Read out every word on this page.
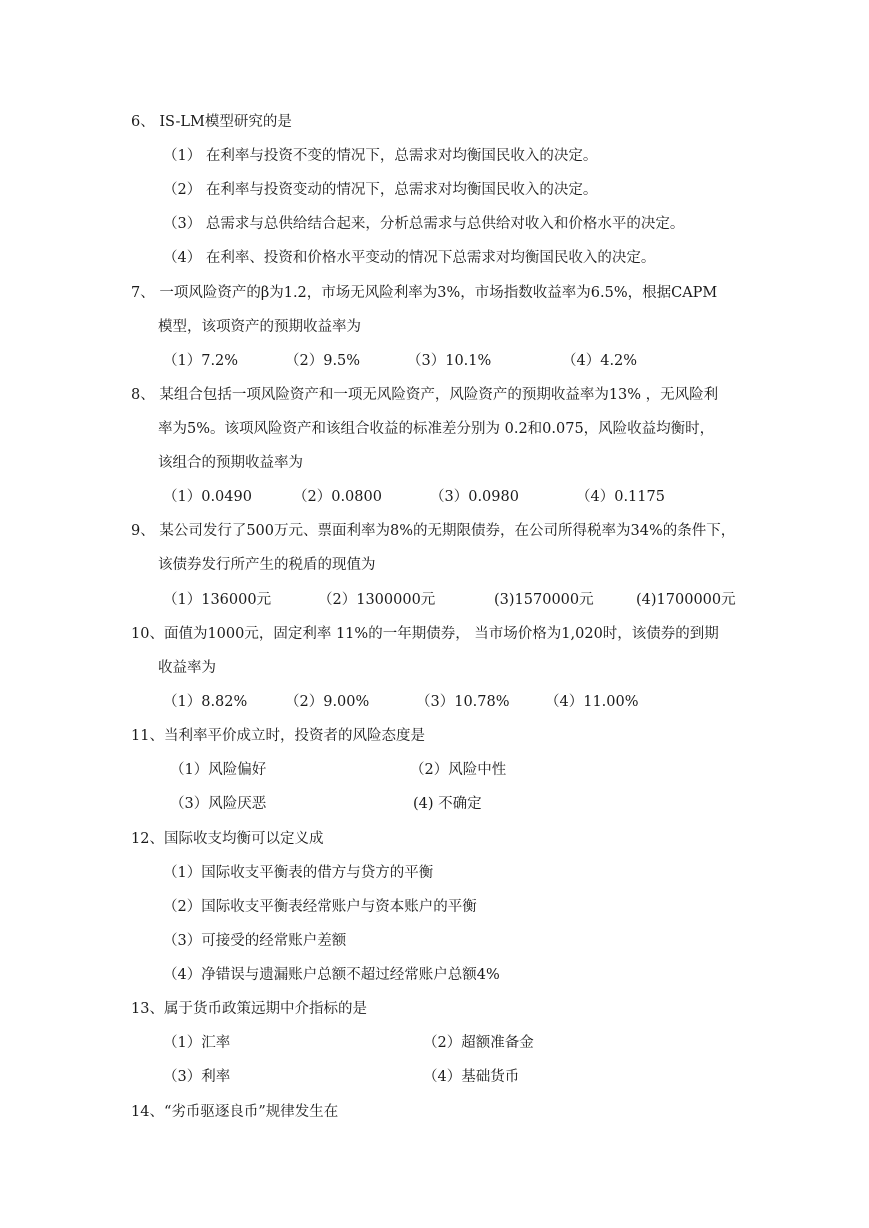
6、 IS-LM模型研究的是
（1） 在利率与投资不变的情况下，总需求对均衡国民收入的决定。
（2） 在利率与投资变动的情况下，总需求对均衡国民收入的决定。
（3） 总需求与总供给结合起来，分析总需求与总供给对收入和价格水平的决定。
（4） 在利率、投资和价格水平变动的情况下总需求对均衡国民收入的决定。
7、 一项风险资产的β为1.2，市场无风险利率为3%，市场指数收益率为6.5%，根据CAPM
模型，该项资产的预期收益率为
（1）7.2%	（2）9.5%	（3）10.1%	（4）4.2%
8、 某组合包括一项风险资产和一项无风险资产，风险资产的预期收益率为13% ，无风险利
率为5%。该项风险资产和该组合收益的标准差分别为 0.2和0.075，风险收益均衡时，
该组合的预期收益率为
（1）0.0490	（2）0.0800	（3）0.0980	（4）0.1175
9、 某公司发行了500万元、票面利率为8%的无期限债券，在公司所得税率为34%的条件下，
该债券发行所产生的税盾的现值为
（1）136000元	（2）1300000元	(3)1570000元	(4)1700000元
10、面值为1000元，固定利率 11%的一年期债券， 当市场价格为1,020时，该债券的到期
收益率为
（1）8.82%	（2）9.00%	（3）10.78% （4）11.00%
11、当利率平价成立时，投资者的风险态度是
（1）风险偏好	（2）风险中性
（3）风险厌恶	(4) 不确定
12、国际收支均衡可以定义成
（1）国际收支平衡表的借方与贷方的平衡
（2）国际收支平衡表经常账户与资本账户的平衡
（3）可接受的经常账户差额
（4）净错误与遗漏账户总额不超过经常账户总额4%
13、属于货币政策远期中介指标的是
（1）汇率	（2）超额准备金
（3）利率	（4）基础货币
14、“劣币驱逐良币”规律发生在
